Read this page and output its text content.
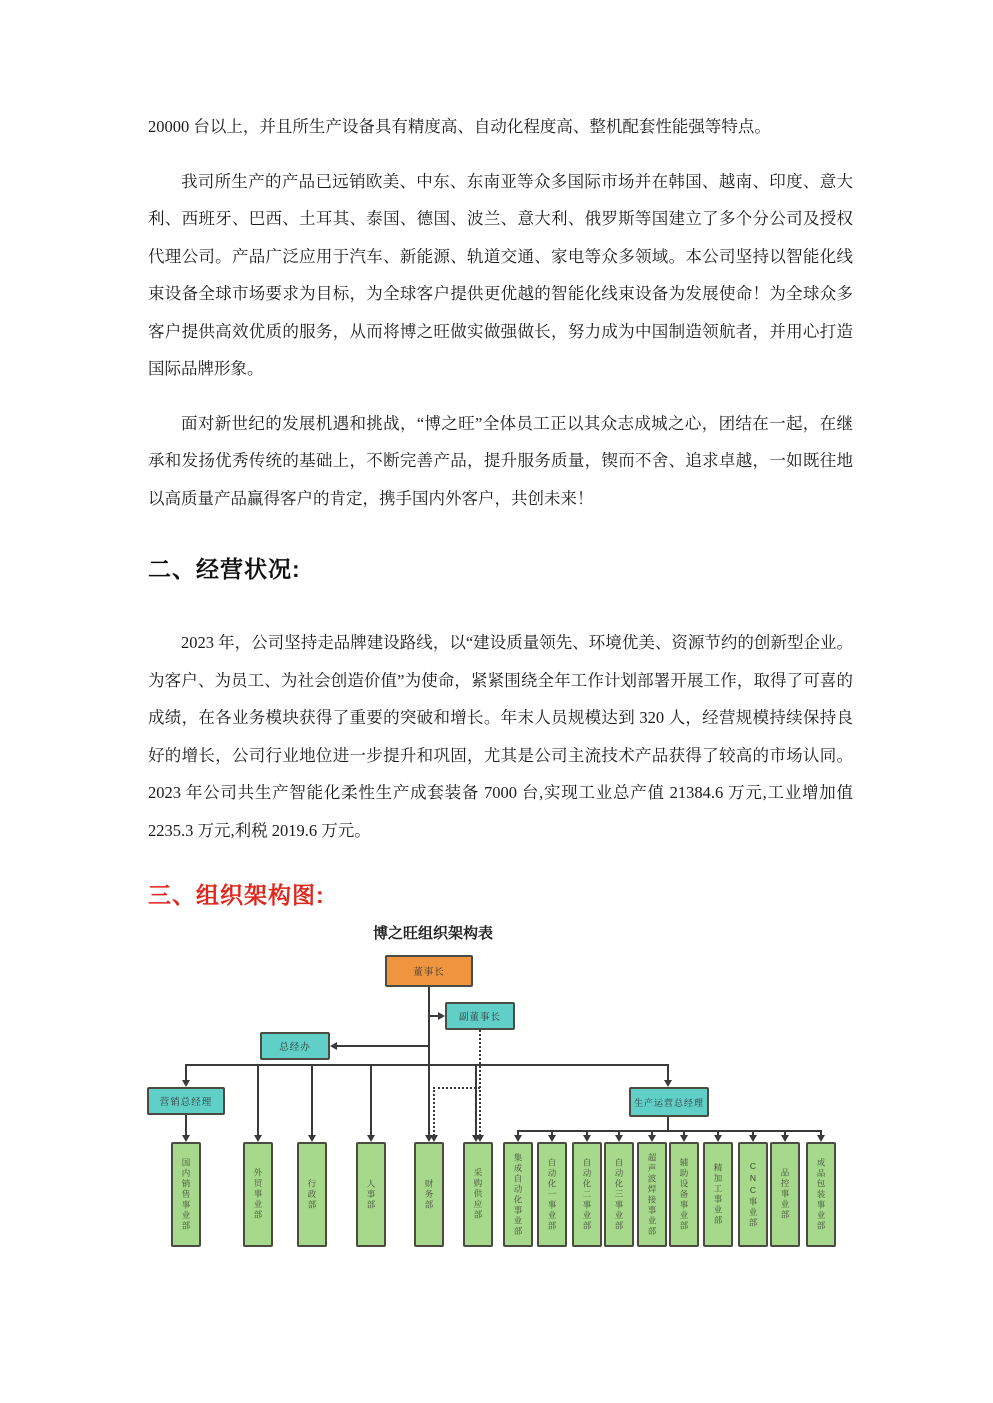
20000 台以上，并且所生产设备具有精度高、自动化程度高、整机配套性能强等特点。

我司所生产的产品已远销欧美、中东、东南亚等众多国际市场并在韩国、越南、印度、意大利、西班牙、巴西、土耳其、泰国、德国、波兰、意大利、俄罗斯等国建立了多个分公司及授权代理公司。产品广泛应用于汽车、新能源、轨道交通、家电等众多领域。本公司坚持以智能化线束设备全球市场要求为目标，为全球客户提供更优越的智能化线束设备为发展使命！为全球众多客户提供高效优质的服务，从而将博之旺做实做强做长，努力成为中国制造领航者，并用心打造国际品牌形象。

面对新世纪的发展机遇和挑战，“博之旺”全体员工正以其众志成城之心，团结在一起，在继承和发扬优秀传统的基础上，不断完善产品，提升服务质量，锲而不舍、追求卓越，一如既往地以高质量产品赢得客户的肯定，携手国内外客户，共创未来！

二、经营状况:

2023 年，公司坚持走品牌建设路线，以“建设质量领先、环境优美、资源节约的创新型企业。为客户、为员工、为社会创造价值”为使命，紧紧围绕全年工作计划部署开展工作，取得了可喜的成绩，在各业务模块获得了重要的突破和增长。年末人员规模达到 320 人，经营规模持续保持良好的增长，公司行业地位进一步提升和巩固，尤其是公司主流技术产品获得了较高的市场认同。2023 年公司共生产智能化柔性生产成套装备 7000 台,实现工业总产值 21384.6 万元,工业增加值 2235.3 万元,利税 2019.6 万元。

三、组织架构图:
博之旺组织架构表
董事长
副董事长
总经办
营销总经理	生产运营总经理
国内销售事业部	外贸事业部	行政部	人事部	财务部	采购供应部	集成自动化事业部	自动化一事业部	自动化二事业部	自动化三事业部	超声波焊接事业部	辅助设备事业部	精加工事业部	CNC事业部	品控事业部	成品包装事业部
